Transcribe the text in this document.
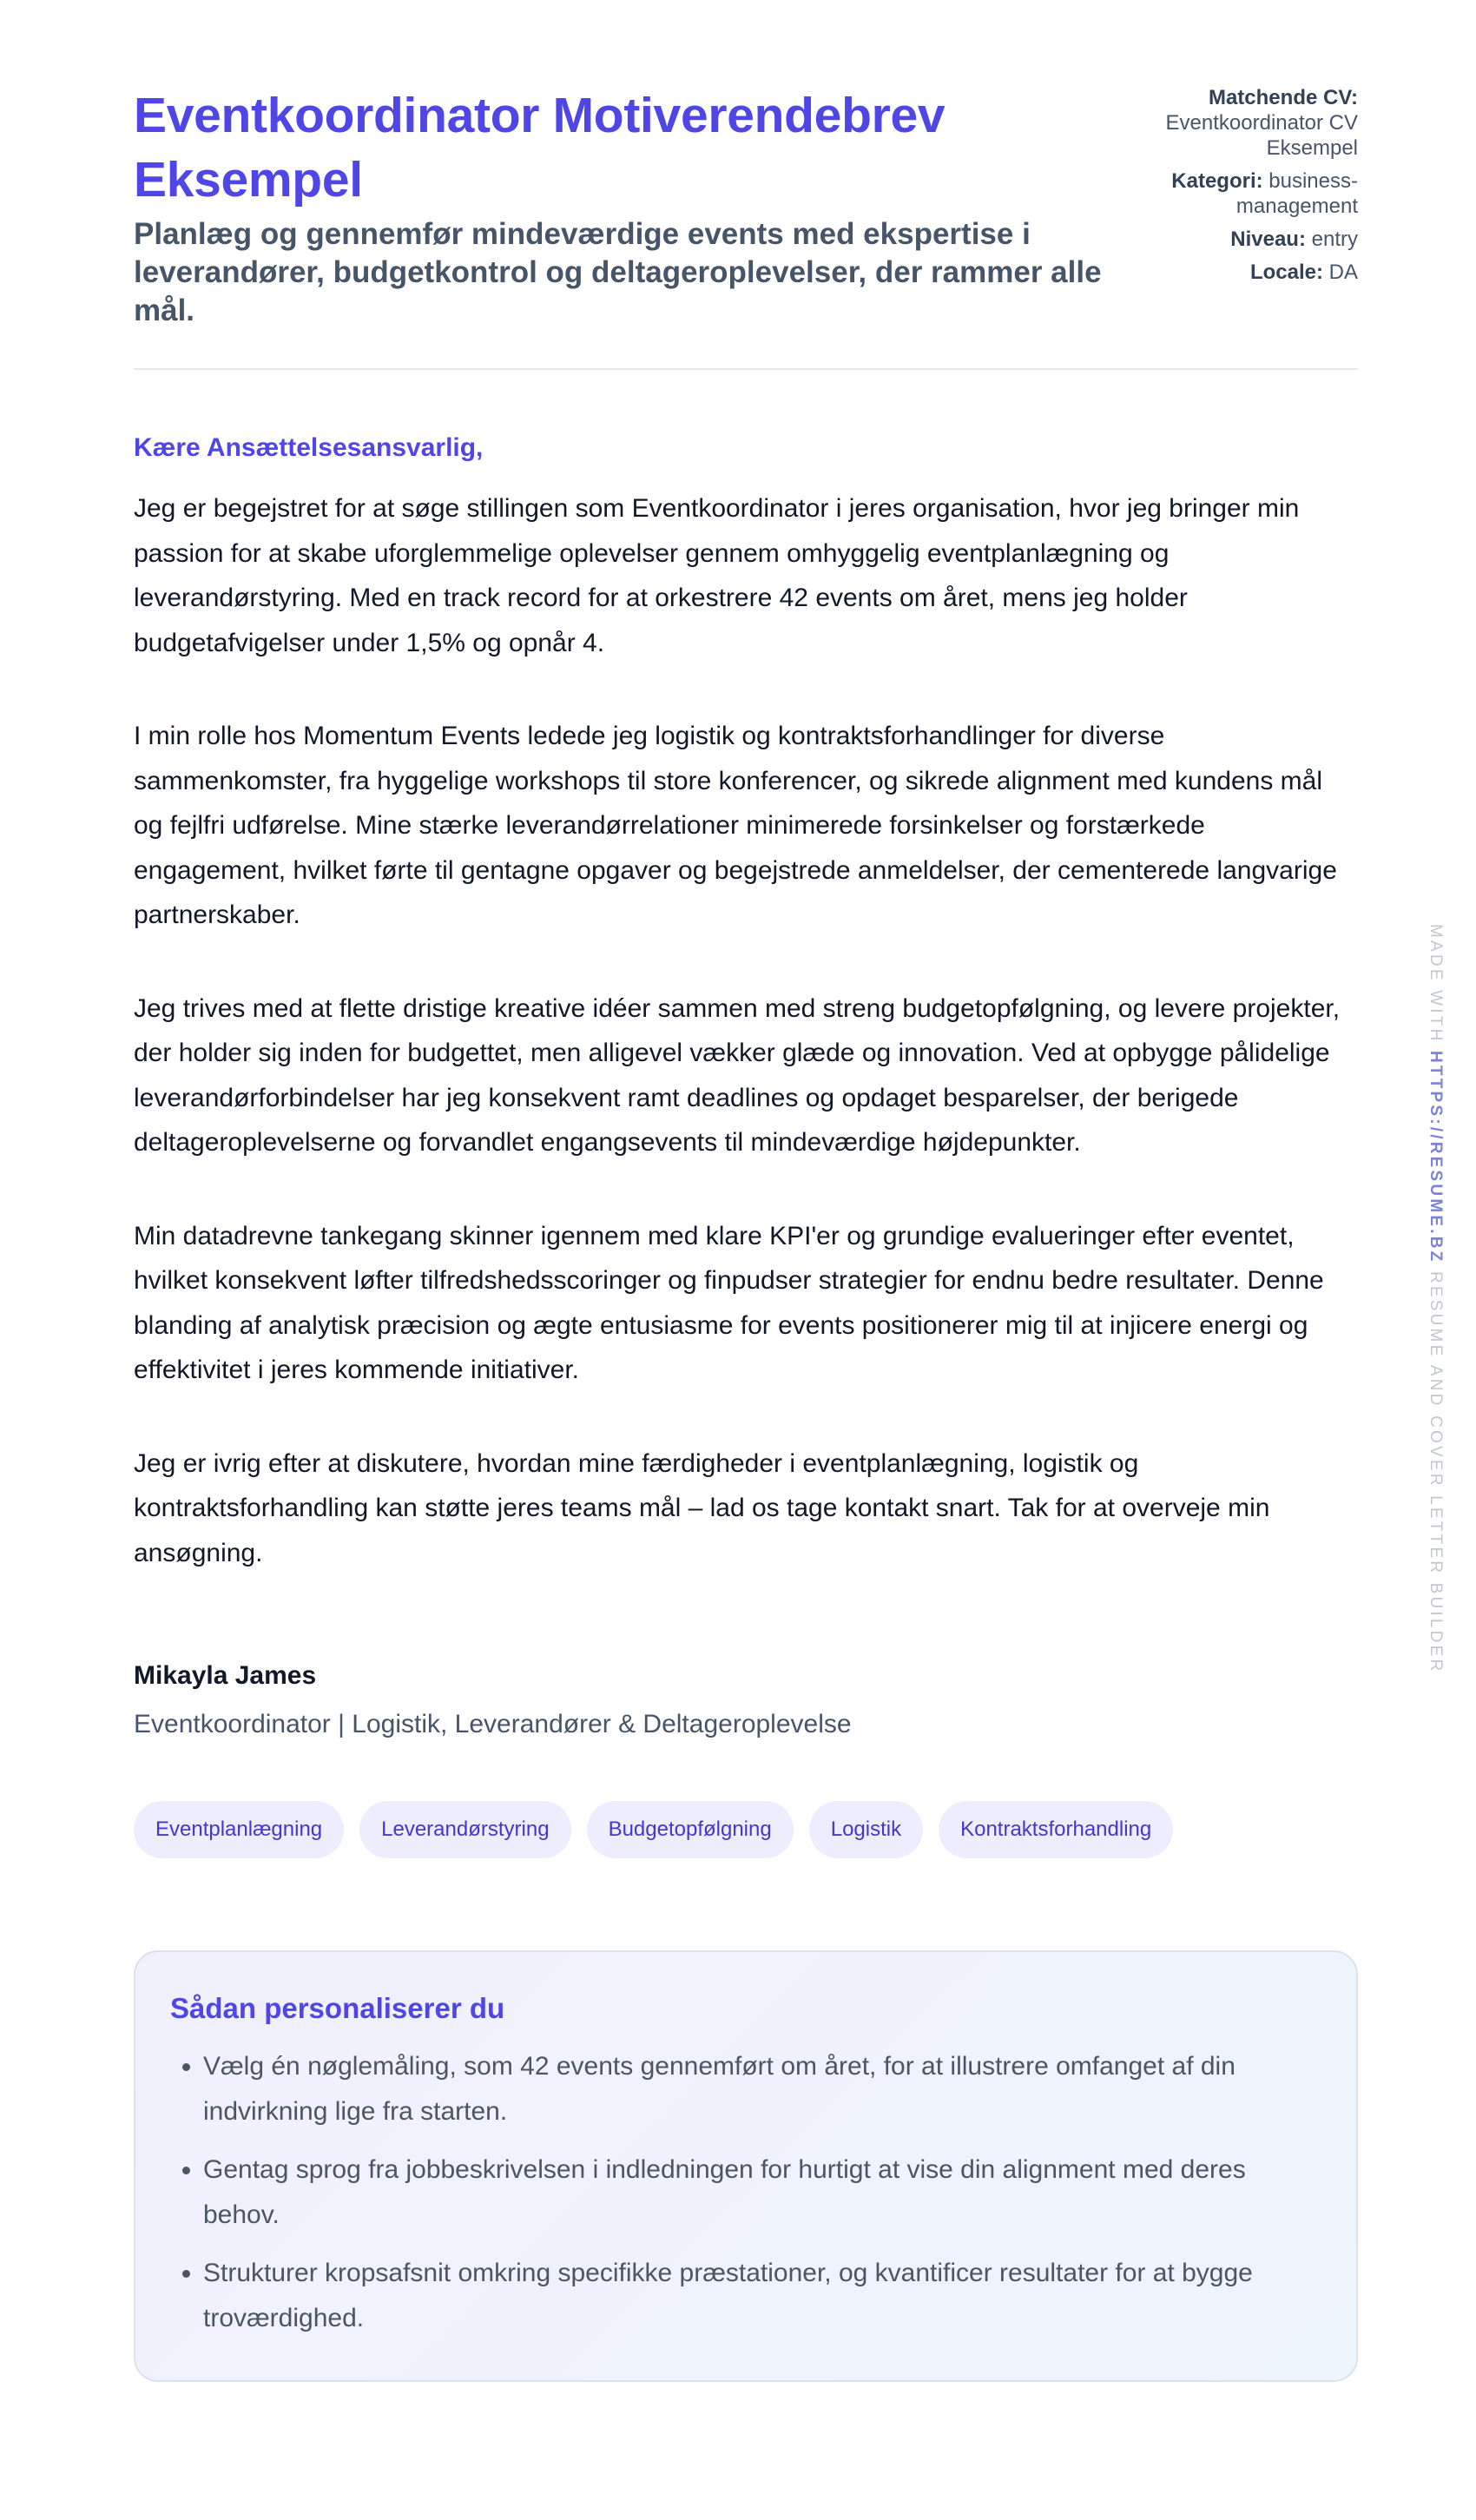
Eventkoordinator Motiverendebrev Eksempel

Planlæg og gennemfør mindeværdige events med ekspertise i leverandører, budgetkontrol og deltageroplevelser, der rammer alle mål.

Matchende CV:
Eventkoordinator CV Eksempel
Kategori: business-management
Niveau: entry
Locale: DA
Kære Ansættelsesansvarlig,

Jeg er begejstret for at søge stillingen som Eventkoordinator i jeres organisation, hvor jeg bringer min passion for at skabe uforglemmelige oplevelser gennem omhyggelig eventplanlægning og leverandørstyring. Med en track record for at orkestrere 42 events om året, mens jeg holder budgetafvigelser under 1,5% og opnår 4.

I min rolle hos Momentum Events ledede jeg logistik og kontraktsforhandlinger for diverse sammenkomster, fra hyggelige workshops til store konferencer, og sikrede alignment med kundens mål og fejlfri udførelse. Mine stærke leverandørrelationer minimerede forsinkelser og forstærkede engagement, hvilket førte til gentagne opgaver og begejstrede anmeldelser, der cementerede langvarige partnerskaber.

Jeg trives med at flette dristige kreative idéer sammen med streng budgetopfølgning, og levere projekter, der holder sig inden for budgettet, men alligevel vækker glæde og innovation. Ved at opbygge pålidelige leverandørforbindelser har jeg konsekvent ramt deadlines og opdaget besparelser, der berigede deltageroplevelserne og forvandlet engangsevents til mindeværdige højdepunkter.

Min datadrevne tankegang skinner igennem med klare KPI'er og grundige evalueringer efter eventet, hvilket konsekvent løfter tilfredshedsscoringer og finpudser strategier for endnu bedre resultater. Denne blanding af analytisk præcision og ægte entusiasme for events positionerer mig til at injicere energi og effektivitet i jeres kommende initiativer.

Jeg er ivrig efter at diskutere, hvordan mine færdigheder i eventplanlægning, logistik og kontraktsforhandling kan støtte jeres teams mål – lad os tage kontakt snart. Tak for at overveje min ansøgning.

Mikayla James
Eventkoordinator | Logistik, Leverandører & Deltageroplevelse
Eventplanlægning	Leverandørstyring	Budgetopfølgning	Logistik	Kontraktsforhandling
Sådan personaliserer du
• Vælg én nøglemåling, som 42 events gennemført om året, for at illustrere omfanget af din indvirkning lige fra starten.
• Gentag sprog fra jobbeskrivelsen i indledningen for hurtigt at vise din alignment med deres behov.
• Strukturer kropsafsnit omkring specifikke præstationer, og kvantificer resultater for at bygge troværdighed.
MADE WITH HTTPS://RESUME.BZ RESUME AND COVER LETTER BUILDER
